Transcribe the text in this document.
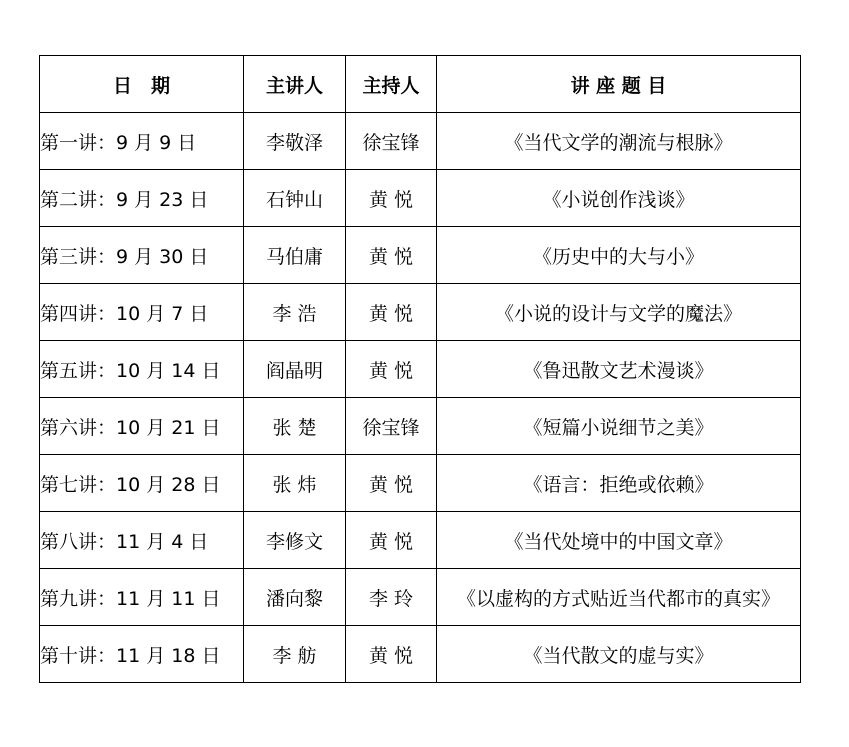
日　期	主讲人	主持人	讲 座 题 目
第一讲：9 月 9 日	李敬泽	徐宝锋	《当代文学的潮流与根脉》
第二讲：9 月 23 日	石钟山	黄 悦	《小说创作浅谈》
第三讲：9 月 30 日	马伯庸	黄 悦	《历史中的大与小》
第四讲：10 月 7 日	李 浩	黄 悦	《小说的设计与文学的魔法》
第五讲：10 月 14 日	阎晶明	黄 悦	《鲁迅散文艺术漫谈》
第六讲：10 月 21 日	张 楚	徐宝锋	《短篇小说细节之美》
第七讲：10 月 28 日	张 炜	黄 悦	《语言：拒绝或依赖》
第八讲：11 月 4 日	李修文	黄 悦	《当代处境中的中国文章》
第九讲：11 月 11 日	潘向黎	李 玲	《以虚构的方式贴近当代都市的真实》
第十讲：11 月 18 日	李 舫	黄 悦	《当代散文的虚与实》
